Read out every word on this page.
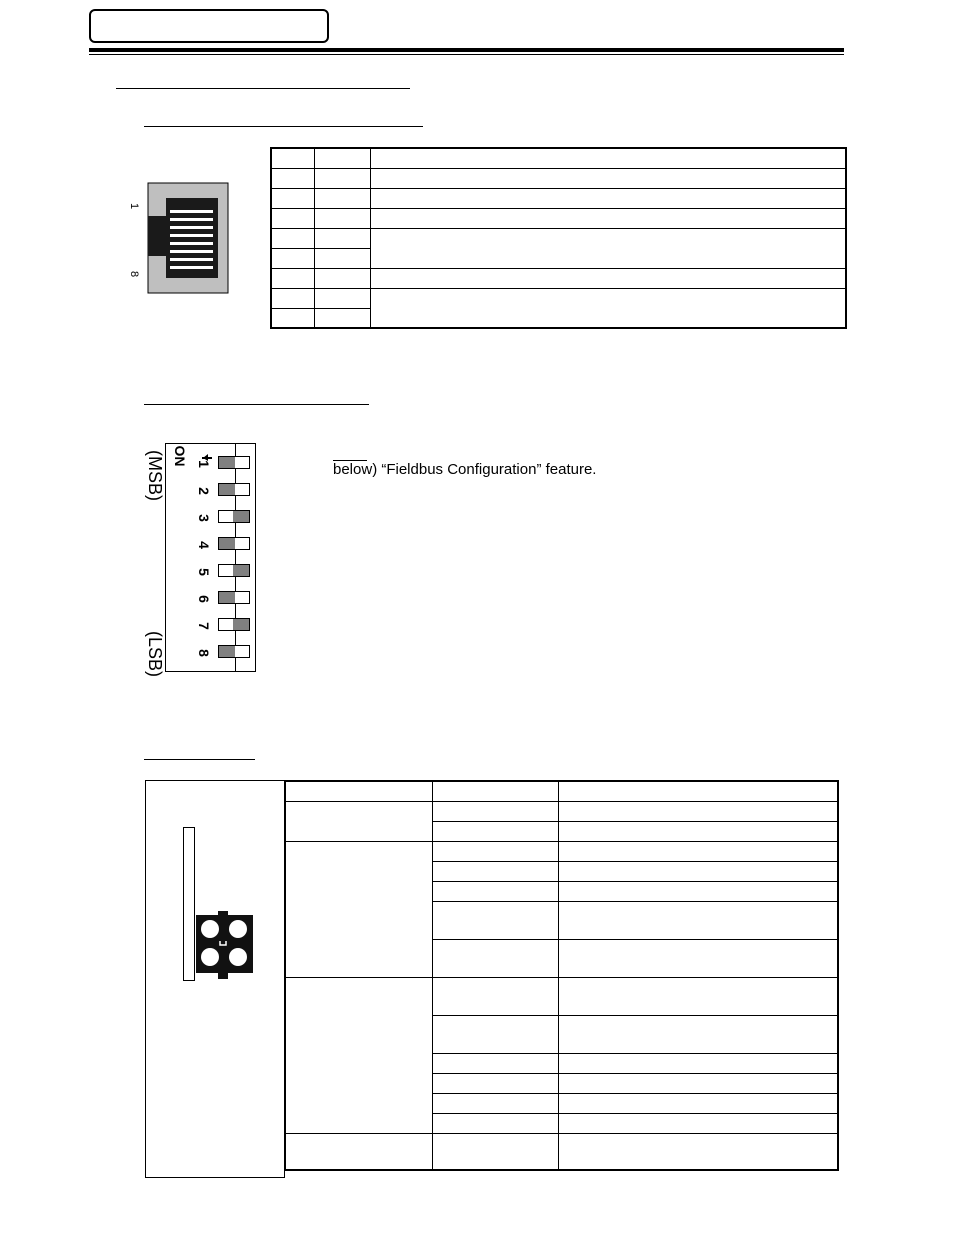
1
8

(MSB)
(LSB)
ON 1
2
3
4
5
6
7
8
below) “Fieldbus Configuration” feature.
